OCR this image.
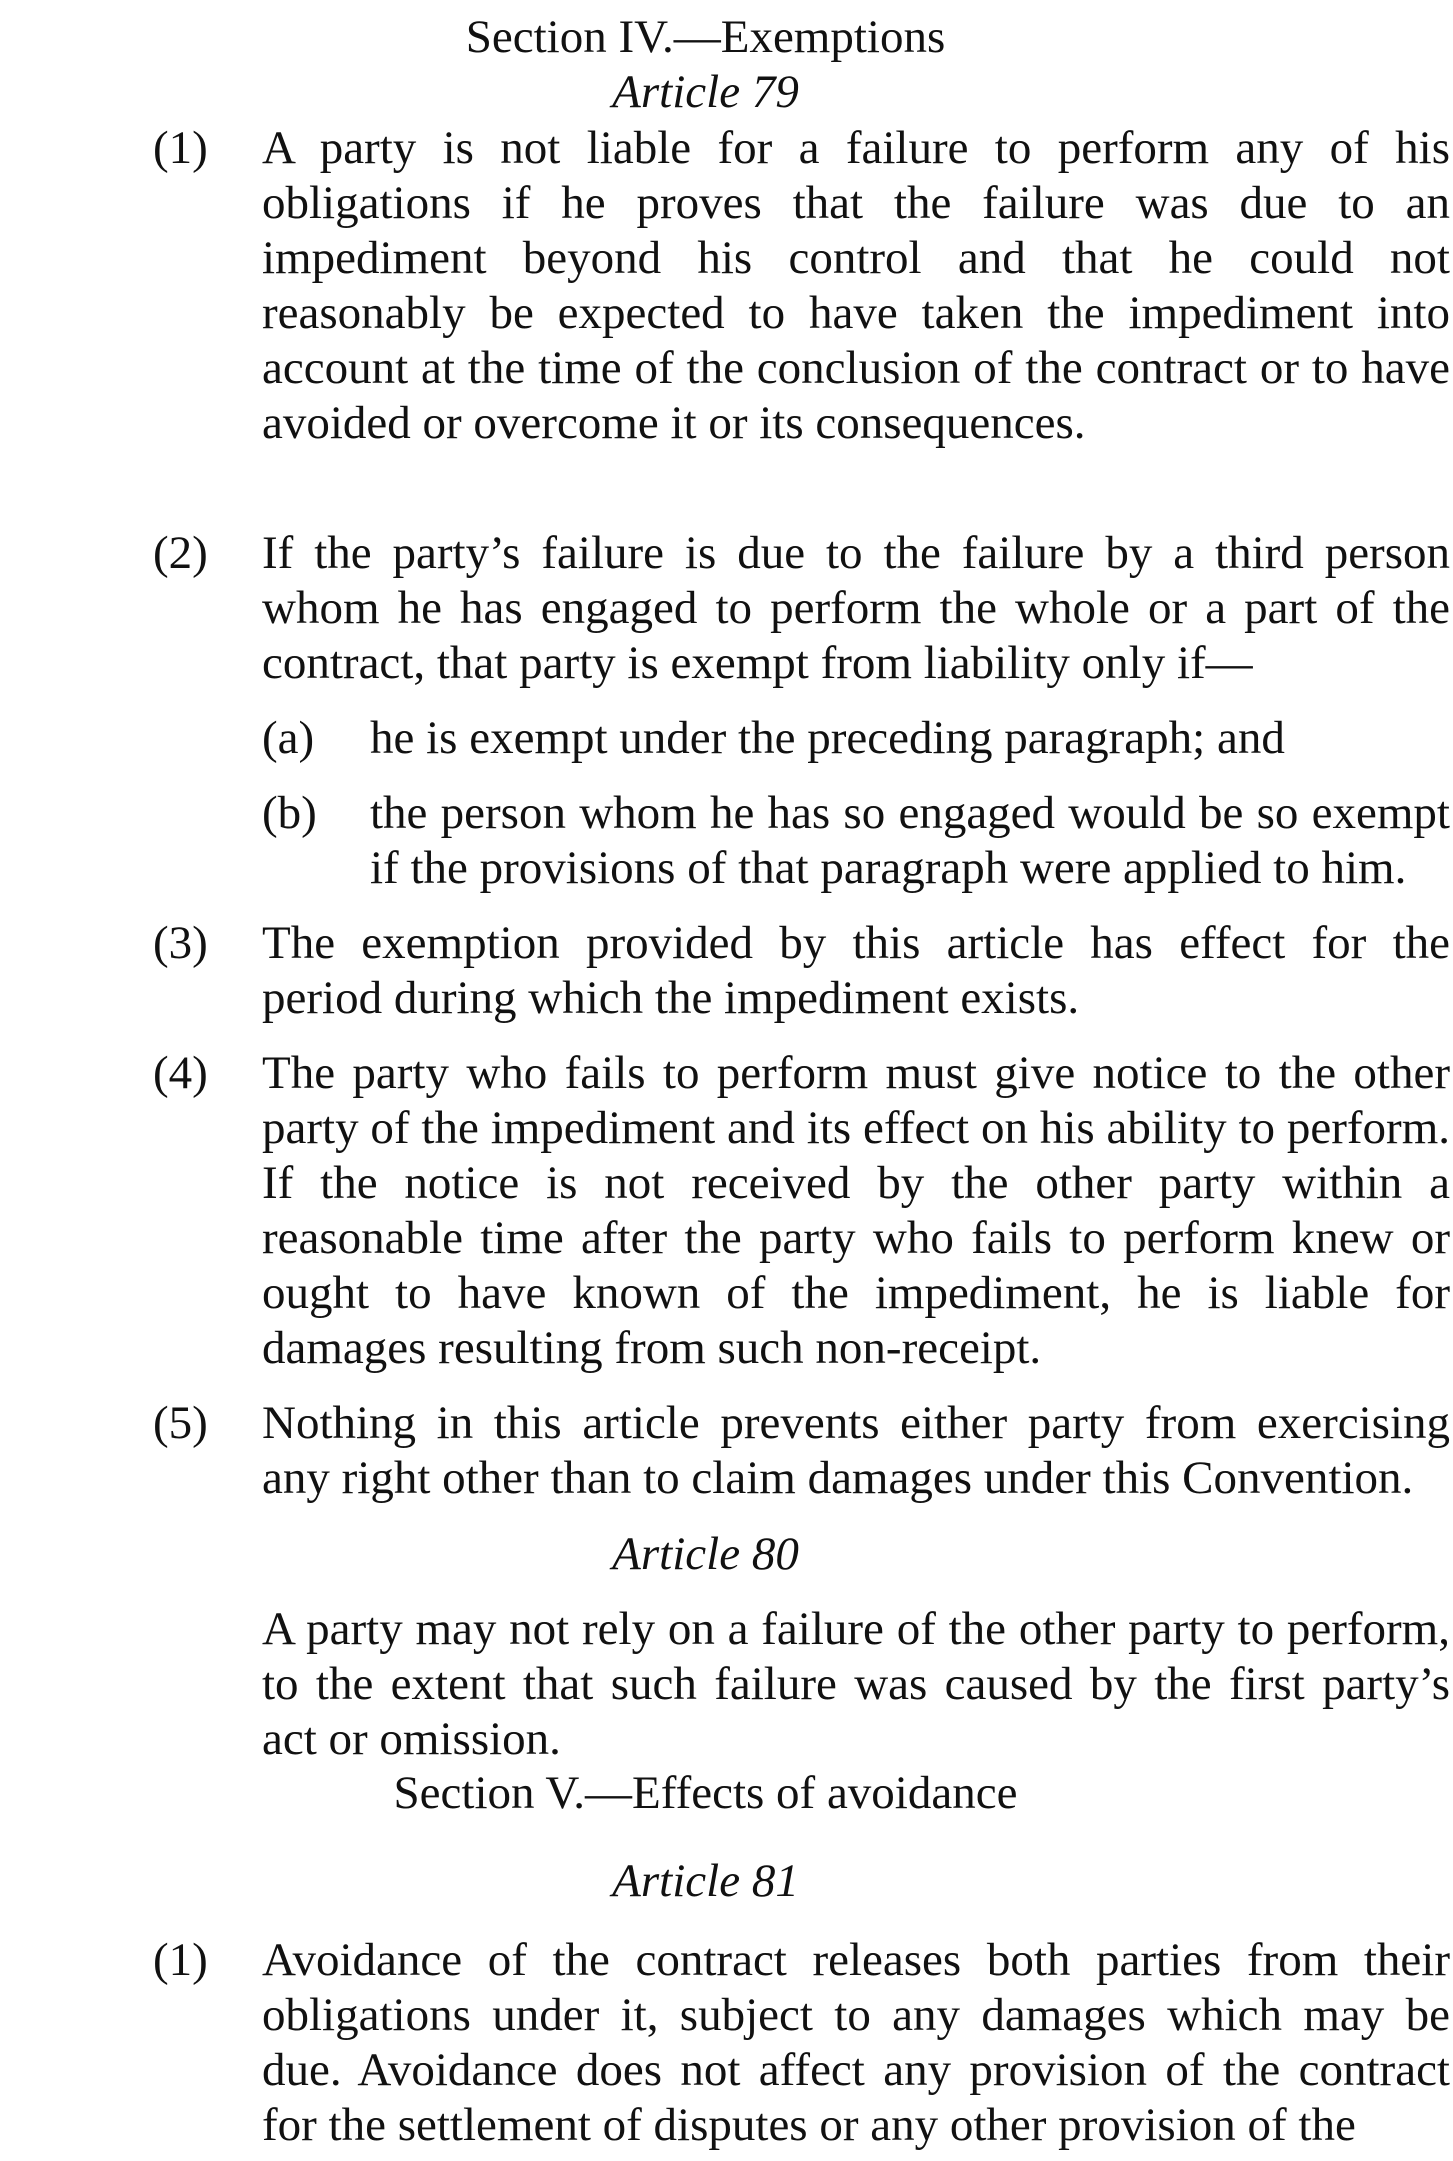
Section IV.—Exemptions
Article 79
(1) A party is not liable for a failure to perform any of his obligations if he proves that the failure was due to an impediment beyond his control and that he could not reasonably be expected to have taken the impediment into account at the time of the conclusion of the contract or to have avoided or overcome it or its consequences.
(2) If the party’s failure is due to the failure by a third person whom he has engaged to perform the whole or a part of the contract, that party is exempt from liability only if—
(a) he is exempt under the preceding paragraph; and
(b) the person whom he has so engaged would be so exempt if the provisions of that paragraph were applied to him.
(3) The exemption provided by this article has effect for the period during which the impediment exists.
(4) The party who fails to perform must give notice to the other party of the impediment and its effect on his ability to perform. If the notice is not received by the other party within a reasonable time after the party who fails to perform knew or ought to have known of the impediment, he is liable for damages resulting from such non-receipt.
(5) Nothing in this article prevents either party from exercising any right other than to claim damages under this Convention.
Article 80
A party may not rely on a failure of the other party to perform, to the extent that such failure was caused by the first party’s act or omission.
Section V.—Effects of avoidance
Article 81
(1) Avoidance of the contract releases both parties from their obligations under it, subject to any damages which may be due. Avoidance does not affect any provision of the contract for the settlement of disputes or any other provision of the
